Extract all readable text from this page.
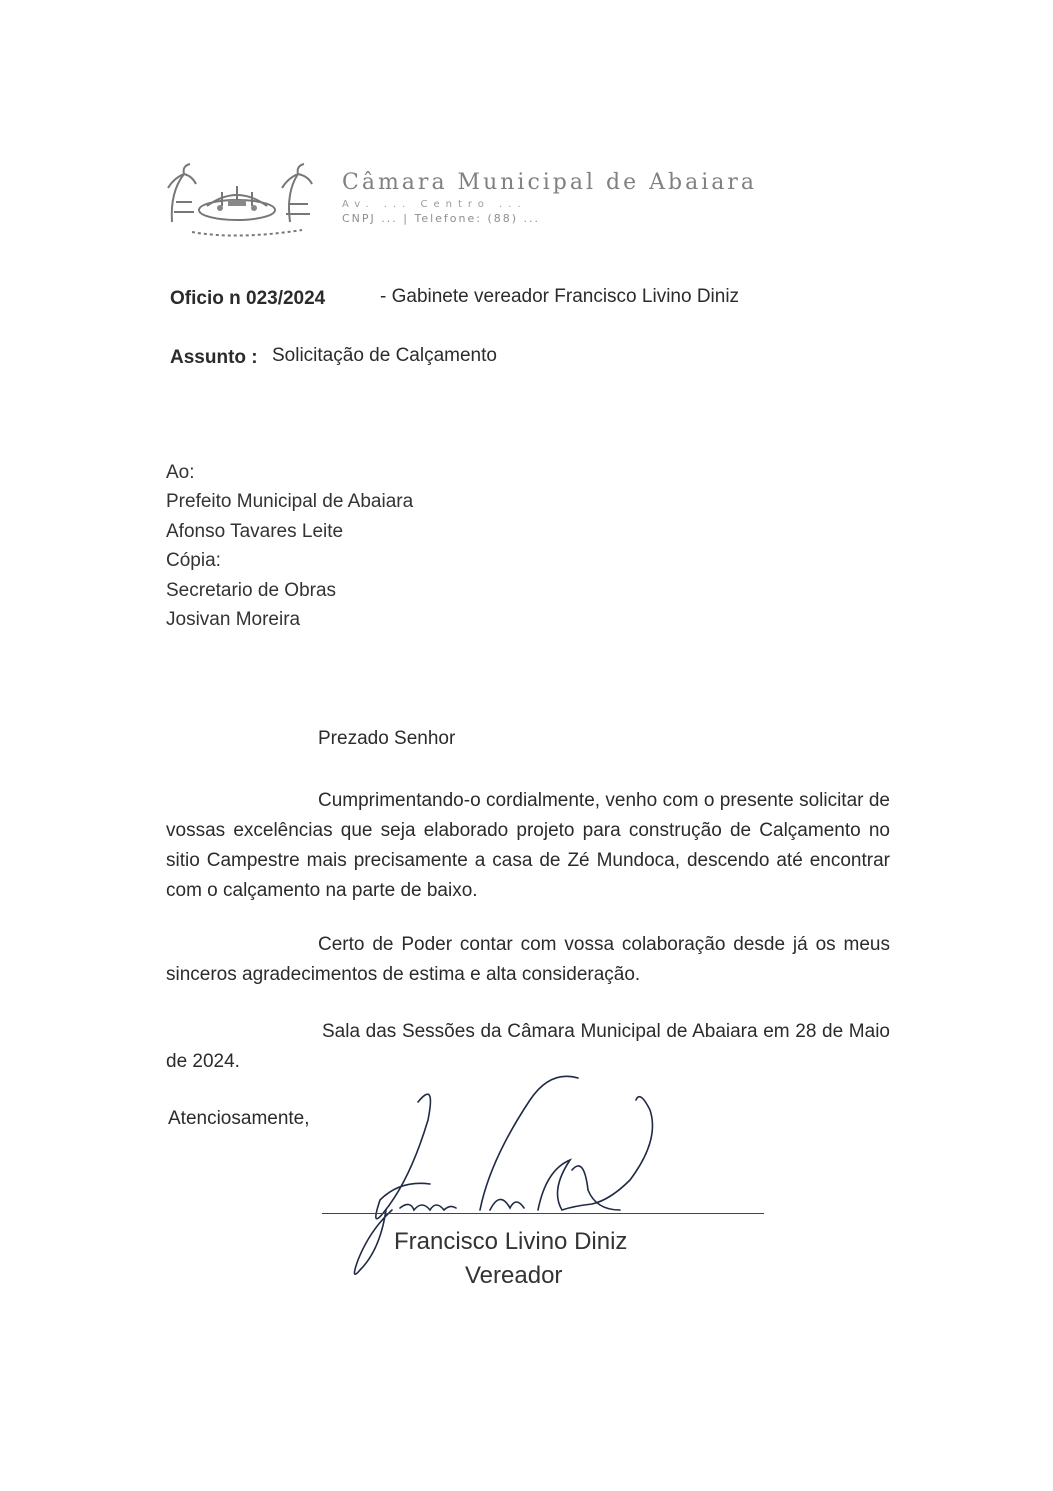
Câmara Municipal de Abaiara
Av. ... Centro ...
CNPJ ... | Telefone: (88) ...
Oficio n 023/2024	- Gabinete vereador Francisco Livino Diniz
Assunto : Solicitação de Calçamento
Ao:
Prefeito Municipal de Abaiara
Afonso Tavares Leite
Cópia:
Secretario de Obras
Josivan Moreira
Prezado Senhor
Cumprimentando-o cordialmente, venho com o presente solicitar de vossas excelências que seja elaborado projeto para construção de Calçamento no sitio Campestre mais precisamente a casa de Zé Mundoca, descendo até encontrar com o calçamento na parte de baixo.
Certo de Poder contar com vossa colaboração desde já os meus sinceros agradecimentos de estima e alta consideração.
Sala das Sessões da Câmara Municipal de Abaiara em 28 de Maio de 2024.
Atenciosamente,
Francisco Livino Diniz
Vereador
